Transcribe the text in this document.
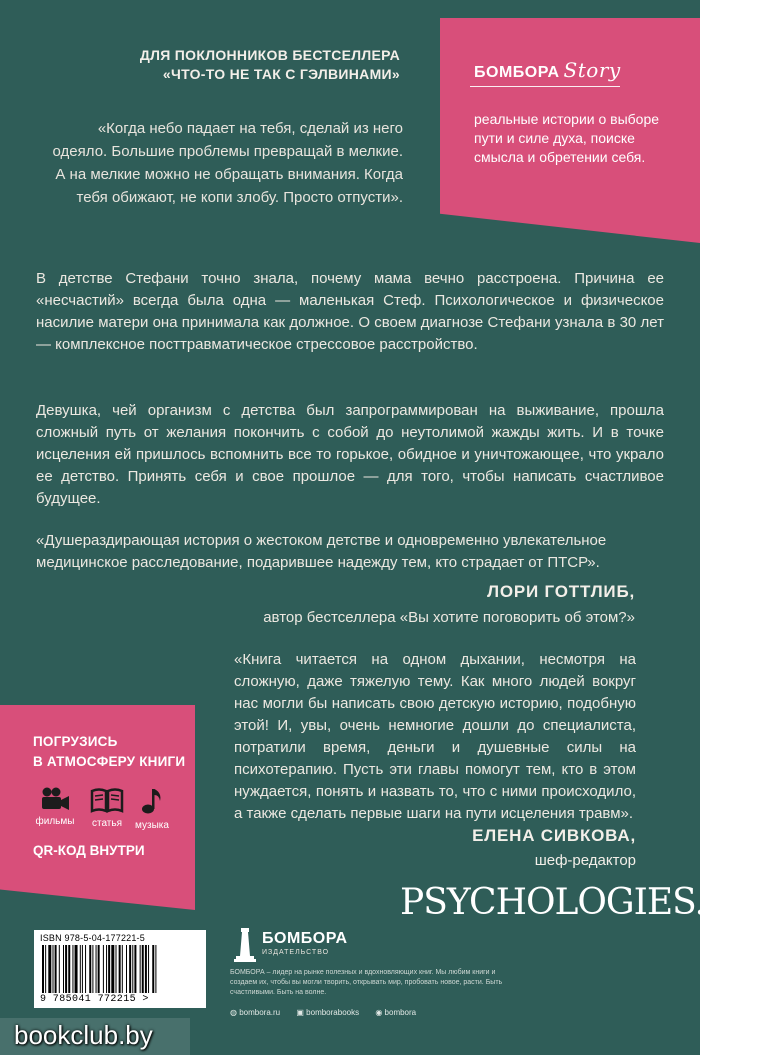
БОМБОРА Story
реальные истории о выборе пути и силе духа, поиске смысла и обретении себя.
ДЛЯ ПОКЛОННИКОВ БЕСТСЕЛЛЕРА
«ЧТО-ТО НЕ ТАК С ГЭЛВИНАМИ»
«Когда небо падает на тебя, сделай из него одеяло. Большие проблемы превращай в мелкие. А на мелкие можно не обращать внимания. Когда тебя обижают, не копи злобу. Просто отпусти».
В детстве Стефани точно знала, почему мама вечно расстроена. Причина ее «несчастий» всегда была одна — маленькая Стеф. Психологическое и физическое насилие матери она принимала как должное. О своем диагнозе Стефани узнала в 30 лет — комплексное посттравматическое стрессовое расстройство.
Девушка, чей организм с детства был запрограммирован на выживание, прошла сложный путь от желания покончить с собой до неутолимой жажды жить. И в точке исцеления ей пришлось вспомнить все то горькое, обидное и уничтожающее, что украло ее детство. Принять себя и свое прошлое — для того, чтобы написать счастливое будущее.
«Душераздирающая история о жестоком детстве и одновременно увлекательное медицинское расследование, подарившее надежду тем, кто страдает от ПТСР».
ЛОРИ ГОТТЛИБ,
автор бестселлера «Вы хотите поговорить об этом?»
«Книга читается на одном дыхании, несмотря на сложную, даже тяжелую тему. Как много людей вокруг нас могли бы написать свою детскую историю, подобную этой! И, увы, очень немногие дошли до специалиста, потратили время, деньги и душевные силы на психотерапию. Пусть эти главы помогут тем, кто в этом нуждается, понять и назвать то, что с ними происходило, а также сделать первые шаги на пути исцеления травм».
ЕЛЕНА СИВКОВА,
шеф-редактор
PSYCHOLOGIES.RU
ПОГРУЗИСЬ
В АТМОСФЕРУ КНИГИ
фильмы	статья	музыка
QR-КОД ВНУТРИ
ISBN 978-5-04-177221-5
9 785041 772215 >
БОМБОРА
ИЗДАТЕЛЬСТВО
БОМБОРА – лидер на рынке полезных и вдохновляющих книг. Мы любим книги и создаем их, чтобы вы могли творить, открывать мир, пробовать новое, расти. Быть счастливыми. Быть на волне.
◍ bombora.ru ▣ bomborabooks ◉ bombora
bookclub.by
